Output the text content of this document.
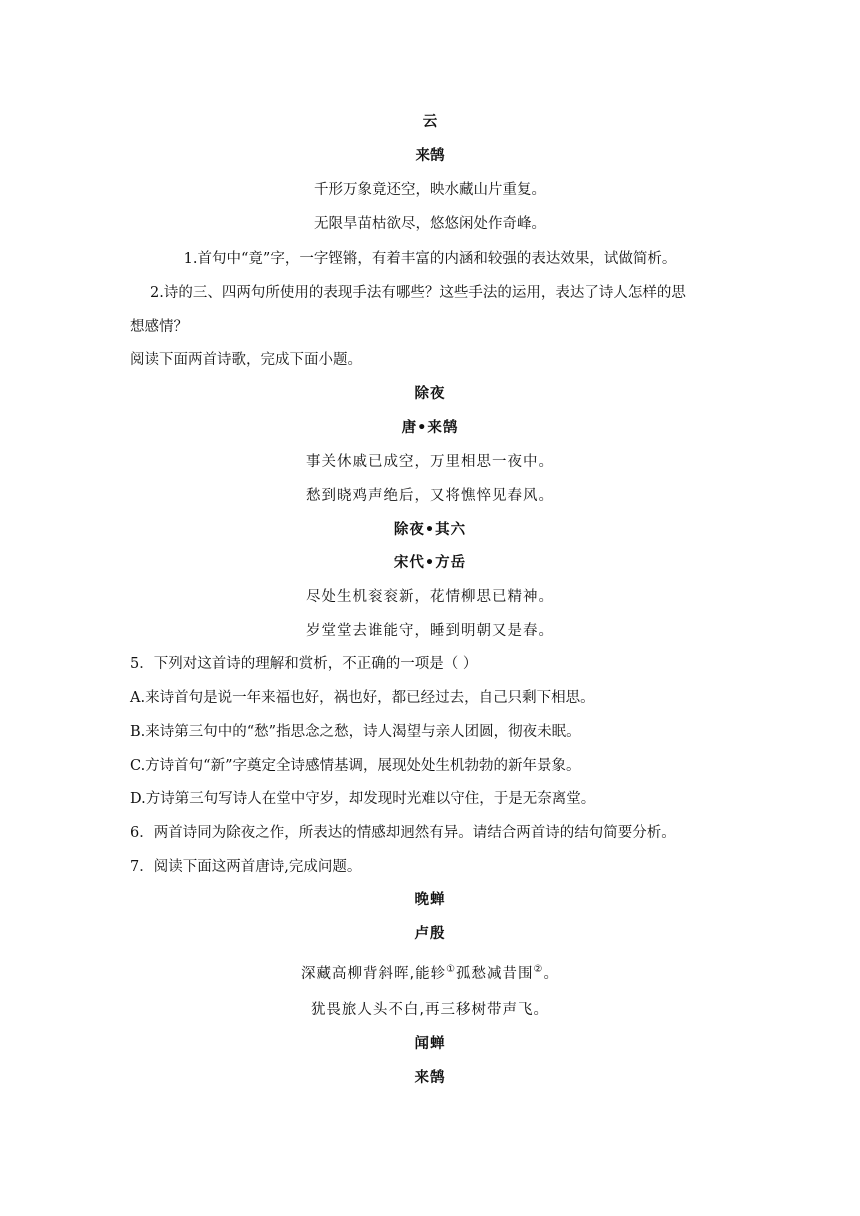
云
来鹄
千形万象竟还空，映水藏山片重复。
无限旱苗枯欲尽，悠悠闲处作奇峰。
1.首句中“竟”字，一字铿锵，有着丰富的内涵和较强的表达效果，试做简析。
2.诗的三、四两句所使用的表现手法有哪些？这些手法的运用，表达了诗人怎样的思
想感情？
阅读下面两首诗歌，完成下面小题。
除夜
唐•来鹄
事关休戚已成空，万里相思一夜中。
愁到晓鸡声绝后，又将憔悴见春风。
除夜•其六
宋代•方岳
尽处生机衮衮新，花情柳思已精神。
岁堂堂去谁能守，睡到明朝又是春。
5．下列对这首诗的理解和赏析，不正确的一项是（ ）
A.来诗首句是说一年来福也好，祸也好，都已经过去，自己只剩下相思。
B.来诗第三句中的“愁”指思念之愁，诗人渴望与亲人团圆，彻夜未眠。
C.方诗首句“新”字奠定全诗感情基调，展现处处生机勃勃的新年景象。
D.方诗第三句写诗人在堂中守岁，却发现时光难以守住，于是无奈离堂。
6．两首诗同为除夜之作，所表达的情感却迥然有异。请结合两首诗的结句简要分析。
7．阅读下面这两首唐诗,完成问题。
晚蝉
卢殷
深藏高柳背斜晖,能轸①孤愁减昔围②。
犹畏旅人头不白,再三移树带声飞。
闻蝉
来鹄
